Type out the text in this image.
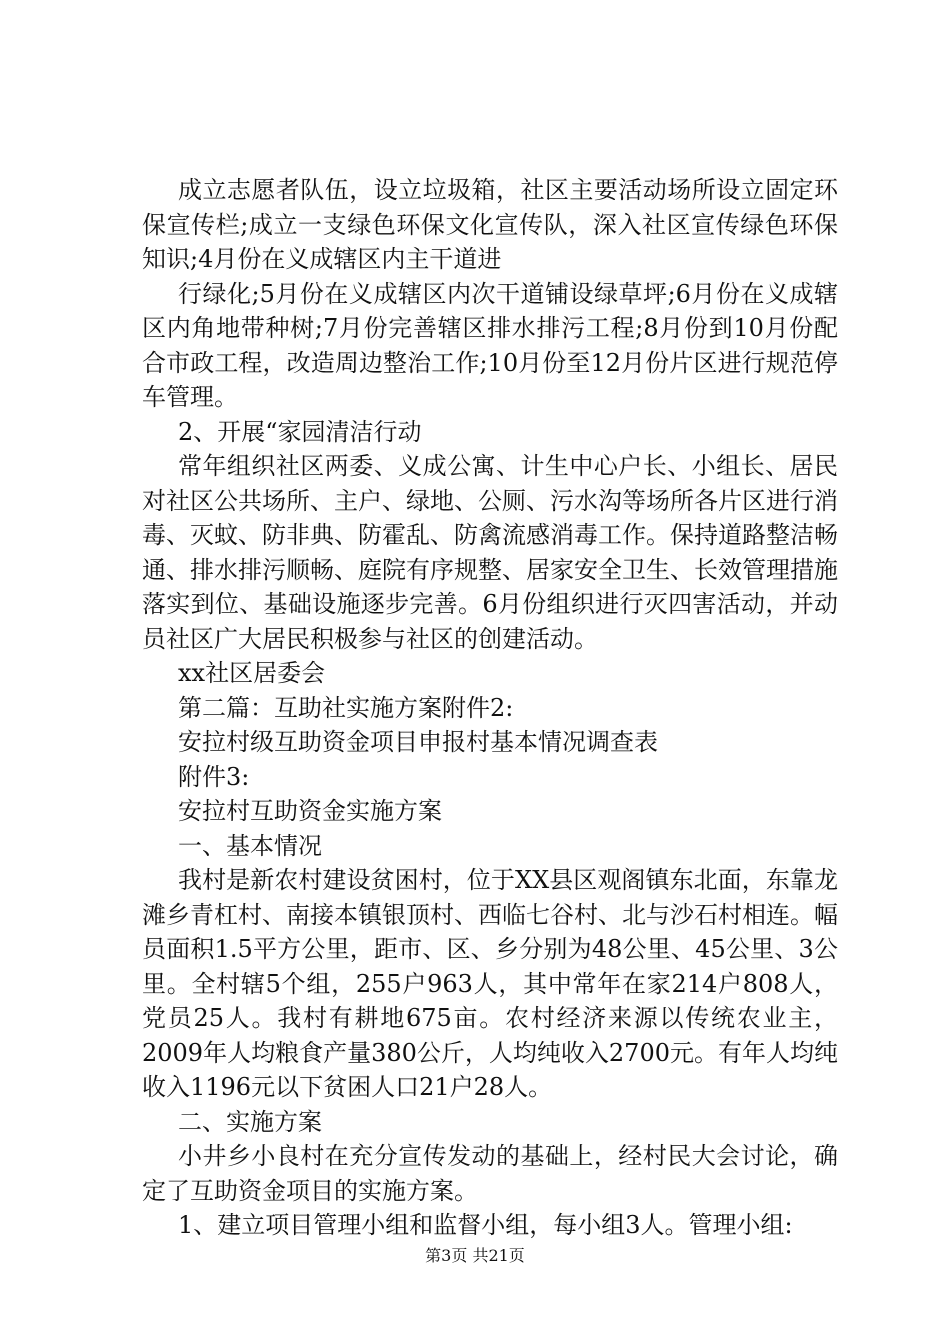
成立志愿者队伍，设立垃圾箱，社区主要活动场所设立固定环保宣传栏;成立一支绿色环保文化宣传队，深入社区宣传绿色环保知识;4月份在义成辖区内主干道进

行绿化;5月份在义成辖区内次干道铺设绿草坪;6月份在义成辖区内角地带种树;7月份完善辖区排水排污工程;8月份到10月份配合市政工程，改造周边整治工作;10月份至12月份片区进行规范停车管理。

2、开展“家园清洁行动

常年组织社区两委、义成公寓、计生中心户长、小组长、居民对社区公共场所、主户、绿地、公厕、污水沟等场所各片区进行消毒、灭蚊、防非典、防霍乱、防禽流感消毒工作。保持道路整洁畅通、排水排污顺畅、庭院有序规整、居家安全卫生、长效管理措施落实到位、基础设施逐步完善。6月份组织进行灭四害活动，并动员社区广大居民积极参与社区的创建活动。

xx社区居委会

第二篇：互助社实施方案附件2:

安拉村级互助资金项目申报村基本情况调查表

附件3:

安拉村互助资金实施方案

一、基本情况

我村是新农村建设贫困村，位于XX县区观阁镇东北面，东靠龙滩乡青杠村、南接本镇银顶村、西临七谷村、北与沙石村相连。幅员面积1.5平方公里，距市、区、乡分别为48公里、45公里、3公里。全村辖5个组，255户963人，其中常年在家214户808人，党员25人。我村有耕地675亩。农村经济来源以传统农业主，2009年人均粮食产量380公斤，人均纯收入2700元。有年人均纯收入1196元以下贫困人口21户28人。

二、实施方案

小井乡小良村在充分宣传发动的基础上，经村民大会讨论，确定了互助资金项目的实施方案。

1、建立项目管理小组和监督小组，每小组3人。管理小组:

第3页 共21页
